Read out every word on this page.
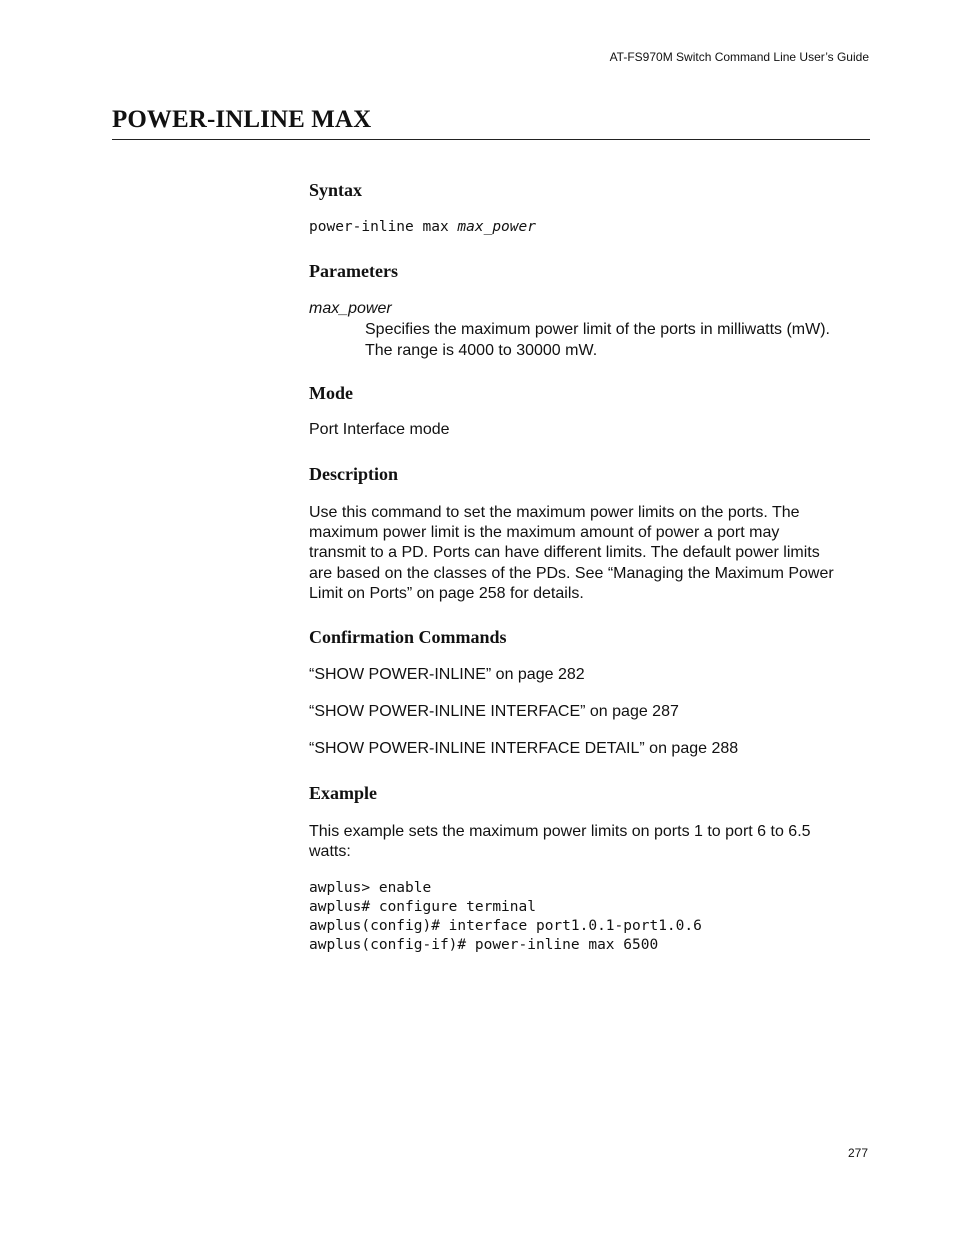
AT-FS970M Switch Command Line User’s Guide
POWER-INLINE MAX
Syntax

power-inline max max_power

Parameters

max_power

Specifies the maximum power limit of the ports in milliwatts (mW).

The range is 4000 to 30000 mW.

Mode

Port Interface mode

Description

Use this command to set the maximum power limits on the ports. The

maximum power limit is the maximum amount of power a port may

transmit to a PD. Ports can have different limits. The default power limits

are based on the classes of the PDs. See “Managing the Maximum Power

Limit on Ports” on page 258 for details.

Confirmation Commands

“SHOW POWER-INLINE” on page 282

“SHOW POWER-INLINE INTERFACE” on page 287

“SHOW POWER-INLINE INTERFACE DETAIL” on page 288

Example

This example sets the maximum power limits on ports 1 to port 6 to 6.5

watts:

awplus> enable

awplus# configure terminal

awplus(config)# interface port1.0.1-port1.0.6

awplus(config-if)# power-inline max 6500

277
